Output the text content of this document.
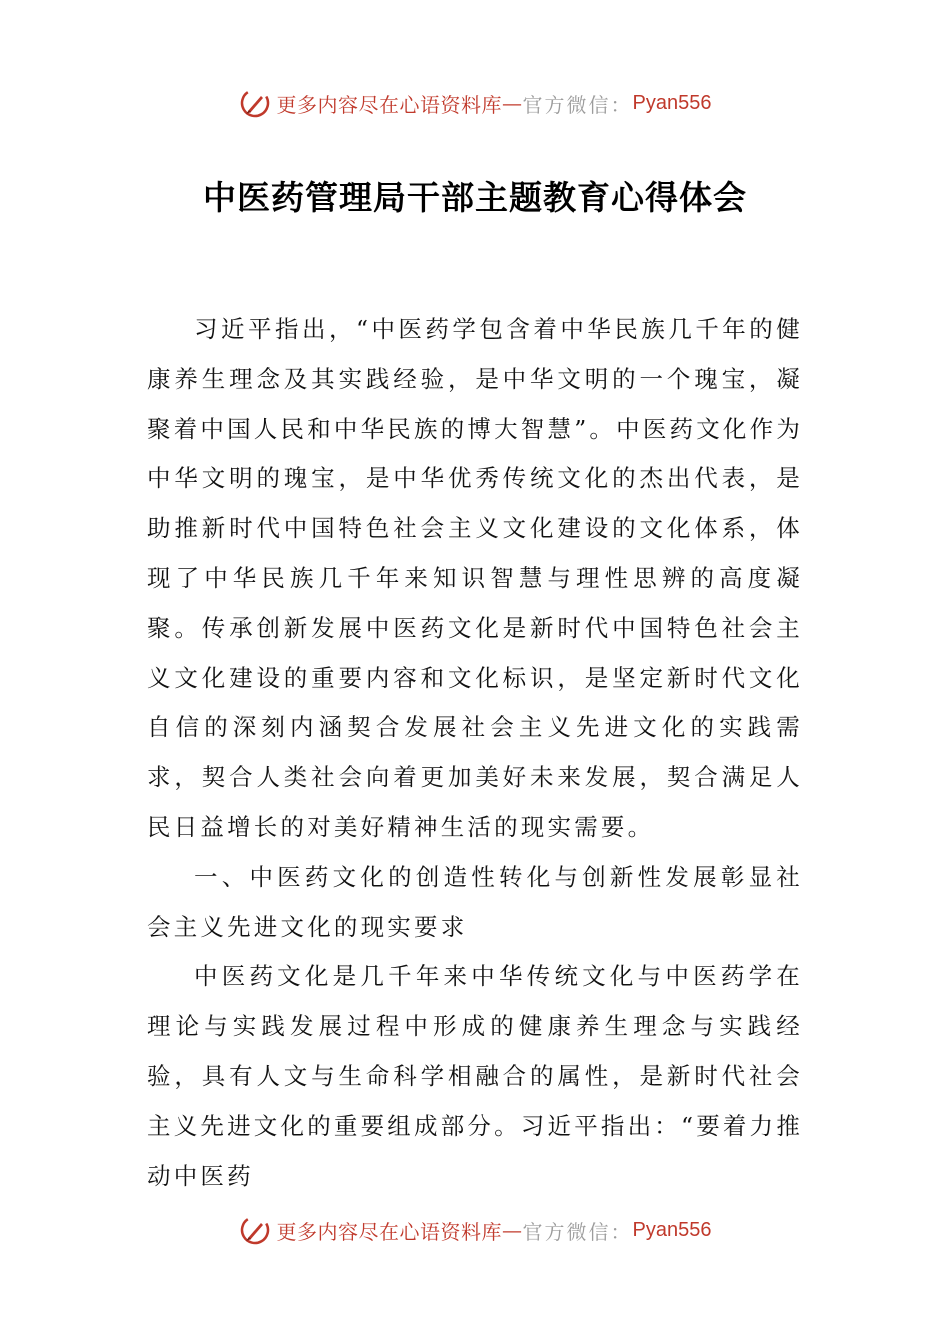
更多内容尽在心语资料库 — 官方微信： Pyan556
中医药管理局干部主题教育心得体会

习近平指出，“中医药学包含着中华民族几千年的健康养生理念及其实践经验，是中华文明的一个瑰宝，凝聚着中国人民和中华民族的博大智慧”。中医药文化作为中华文明的瑰宝，是中华优秀传统文化的杰出代表，是助推新时代中国特色社会主义文化建设的文化体系，体现了中华民族几千年来知识智慧与理性思辨的高度凝聚。传承创新发展中医药文化是新时代中国特色社会主义文化建设的重要内容和文化标识，是坚定新时代文化自信的深刻内涵契合发展社会主义先进文化的实践需求，契合人类社会向着更加美好未来发展，契合满足人民日益增长的对美好精神生活的现实需要。

一、中医药文化的创造性转化与创新性发展彰显社会主义先进文化的现实要求

中医药文化是几千年来中华传统文化与中医药学在理论与实践发展过程中形成的健康养生理念与实践经验，具有人文与生命科学相融合的属性，是新时代社会主义先进文化的重要组成部分。习近平指出：“要着力推动中医药

更多内容尽在心语资料库 — 官方微信： Pyan556
